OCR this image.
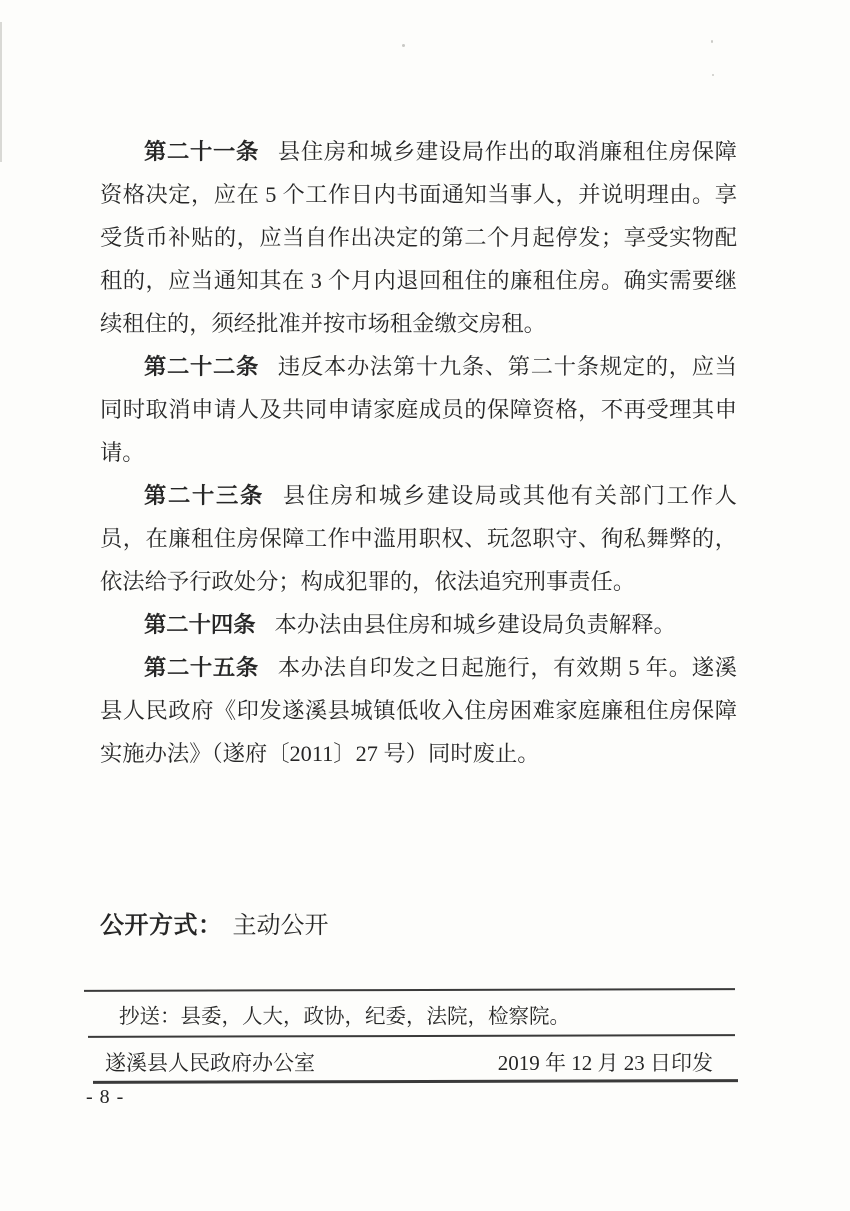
第二十一条 县住房和城乡建设局作出的取消廉租住房保障资格决定，应在 5 个工作日内书面通知当事人，并说明理由。享受货币补贴的，应当自作出决定的第二个月起停发；享受实物配租的，应当通知其在 3 个月内退回租住的廉租住房。确实需要继续租住的，须经批准并按市场租金缴交房租。

第二十二条 违反本办法第十九条、第二十条规定的，应当同时取消申请人及共同申请家庭成员的保障资格，不再受理其申请。

第二十三条 县住房和城乡建设局或其他有关部门工作人员，在廉租住房保障工作中滥用职权、玩忽职守、徇私舞弊的，依法给予行政处分；构成犯罪的，依法追究刑事责任。

第二十四条 本办法由县住房和城乡建设局负责解释。

第二十五条 本办法自印发之日起施行，有效期 5 年。遂溪县人民政府《印发遂溪县城镇低收入住房困难家庭廉租住房保障实施办法》（遂府〔2011〕27 号）同时废止。

公开方式： 主动公开
抄送：县委，人大，政协，纪委，法院，检察院。
遂溪县人民政府办公室	2019 年 12 月 23 日印发
- 8 -
